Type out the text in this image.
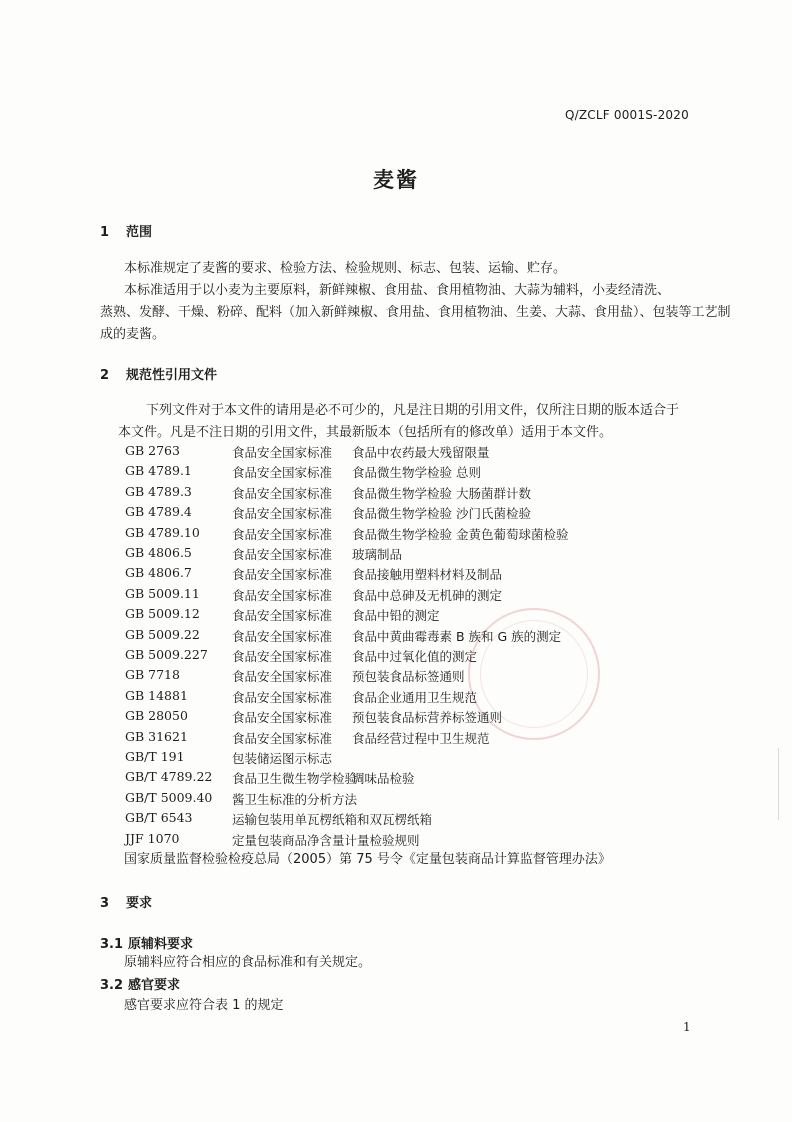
Q/ZCLF 0001S-2020
麦酱
1 范围
本标准规定了麦酱的要求、检验方法、检验规则、标志、包装、运输、贮存。
本标准适用于以小麦为主要原料，新鲜辣椒、食用盐、食用植物油、大蒜为辅料，小麦经清洗、
蒸熟、发酵、干燥、粉碎、配料（加入新鲜辣椒、食用盐、食用植物油、生姜、大蒜、食用盐）、包装等工艺制
成的麦酱。
2 规范性引用文件
下列文件对于本文件的请用是必不可少的，凡是注日期的引用文件，仅所注日期的版本适合于
本文件。凡是不注日期的引用文件，其最新版本（包括所有的修改单）适用于本文件。
GB 2763	食品安全国家标准 食品中农药最大残留限量
GB 4789.1	食品安全国家标准 食品微生物学检验 总则
GB 4789.3	食品安全国家标准 食品微生物学检验 大肠菌群计数
GB 4789.4	食品安全国家标准 食品微生物学检验 沙门氏菌检验
GB 4789.10	食品安全国家标准 食品微生物学检验 金黄色葡萄球菌检验
GB 4806.5	食品安全国家标准 玻璃制品
GB 4806.7	食品安全国家标准 食品接触用塑料材料及制品
GB 5009.11	食品安全国家标准 食品中总砷及无机砷的测定
GB 5009.12	食品安全国家标准 食品中铅的测定
GB 5009.22	食品安全国家标准 食品中黄曲霉毒素 B 族和 G 族的测定
GB 5009.227 食品安全国家标准 食品中过氧化值的测定
GB 7718	食品安全国家标准 预包装食品标签通则
GB 14881	食品安全国家标准 食品企业通用卫生规范
GB 28050	食品安全国家标准 预包装食品标营养标签通则
GB 31621	食品安全国家标准 食品经营过程中卫生规范
GB/T 191	包装储运图示标志
GB/T 4789.22 食品卫生微生物学检验
调味品检验
GB/T 5009.40 酱卫生标准的分析方法
GB/T 6543	运输包装用单瓦楞纸箱和双瓦楞纸箱
JJF 1070	定量包装商品净含量计量检验规则
国家质量监督检验检疫总局（2005）第 75 号令《定量包装商品计算监督管理办法》
3 要求
3.1 原辅料要求
原辅料应符合相应的食品标准和有关规定。
3.2 感官要求
感官要求应符合表 1 的规定
1
